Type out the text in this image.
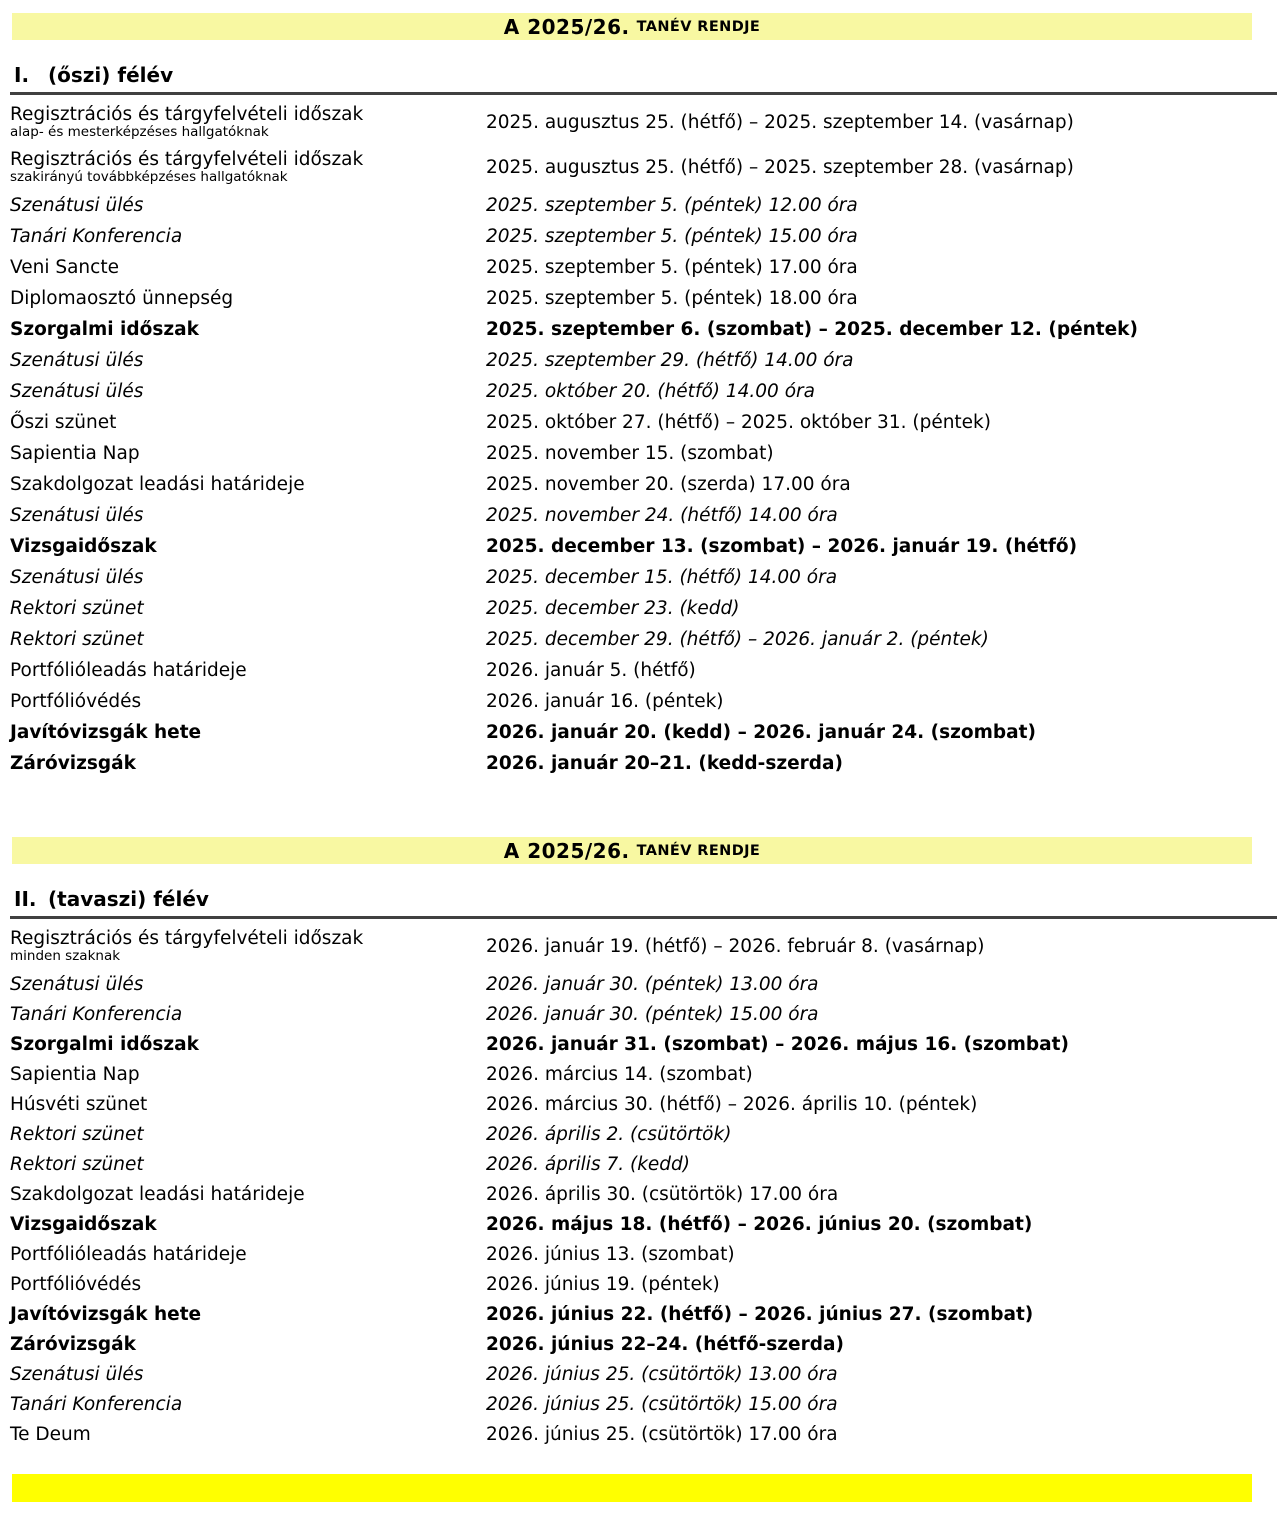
A 2025/26. TANÉV RENDJE
I. (őszi) félév
Regisztrációs és tárgyfelvételi időszak
alap- és mesterképzéses hallgatóknak	2025. augusztus 25. (hétfő) – 2025. szeptember 14. (vasárnap)
Regisztrációs és tárgyfelvételi időszak
szakirányú továbbképzéses hallgatóknak	2025. augusztus 25. (hétfő) – 2025. szeptember 28. (vasárnap)
Szenátusi ülés	2025. szeptember 5. (péntek) 12.00 óra
Tanári Konferencia	2025. szeptember 5. (péntek) 15.00 óra
Veni Sancte	2025. szeptember 5. (péntek) 17.00 óra
Diplomaosztó ünnepség	2025. szeptember 5. (péntek) 18.00 óra
Szorgalmi időszak	2025. szeptember 6. (szombat) – 2025. december 12. (péntek)
Szenátusi ülés	2025. szeptember 29. (hétfő) 14.00 óra
Szenátusi ülés	2025. október 20. (hétfő) 14.00 óra
Őszi szünet	2025. október 27. (hétfő) – 2025. október 31. (péntek)
Sapientia Nap	2025. november 15. (szombat)
Szakdolgozat leadási határideje	2025. november 20. (szerda) 17.00 óra
Szenátusi ülés	2025. november 24. (hétfő) 14.00 óra
Vizsgaidőszak	2025. december 13. (szombat) – 2026. január 19. (hétfő)
Szenátusi ülés	2025. december 15. (hétfő) 14.00 óra
Rektori szünet	2025. december 23. (kedd)
Rektori szünet	2025. december 29. (hétfő) – 2026. január 2. (péntek)
Portfólióleadás határideje	2026. január 5. (hétfő)
Portfólióvédés	2026. január 16. (péntek)
Javítóvizsgák hete	2026. január 20. (kedd) – 2026. január 24. (szombat)
Záróvizsgák	2026. január 20–21. (kedd-szerda)
A 2025/26. TANÉV RENDJE
II. (tavaszi) félév
Regisztrációs és tárgyfelvételi időszak
minden szaknak	2026. január 19. (hétfő) – 2026. február 8. (vasárnap)
Szenátusi ülés	2026. január 30. (péntek) 13.00 óra
Tanári Konferencia	2026. január 30. (péntek) 15.00 óra
Szorgalmi időszak	2026. január 31. (szombat) – 2026. május 16. (szombat)
Sapientia Nap	2026. március 14. (szombat)
Húsvéti szünet	2026. március 30. (hétfő) – 2026. április 10. (péntek)
Rektori szünet	2026. április 2. (csütörtök)
Rektori szünet	2026. április 7. (kedd)
Szakdolgozat leadási határideje	2026. április 30. (csütörtök) 17.00 óra
Vizsgaidőszak	2026. május 18. (hétfő) – 2026. június 20. (szombat)
Portfólióleadás határideje	2026. június 13. (szombat)
Portfólióvédés	2026. június 19. (péntek)
Javítóvizsgák hete	2026. június 22. (hétfő) – 2026. június 27. (szombat)
Záróvizsgák	2026. június 22–24. (hétfő-szerda)
Szenátusi ülés	2026. június 25. (csütörtök) 13.00 óra
Tanári Konferencia	2026. június 25. (csütörtök) 15.00 óra
Te Deum	2026. június 25. (csütörtök) 17.00 óra
